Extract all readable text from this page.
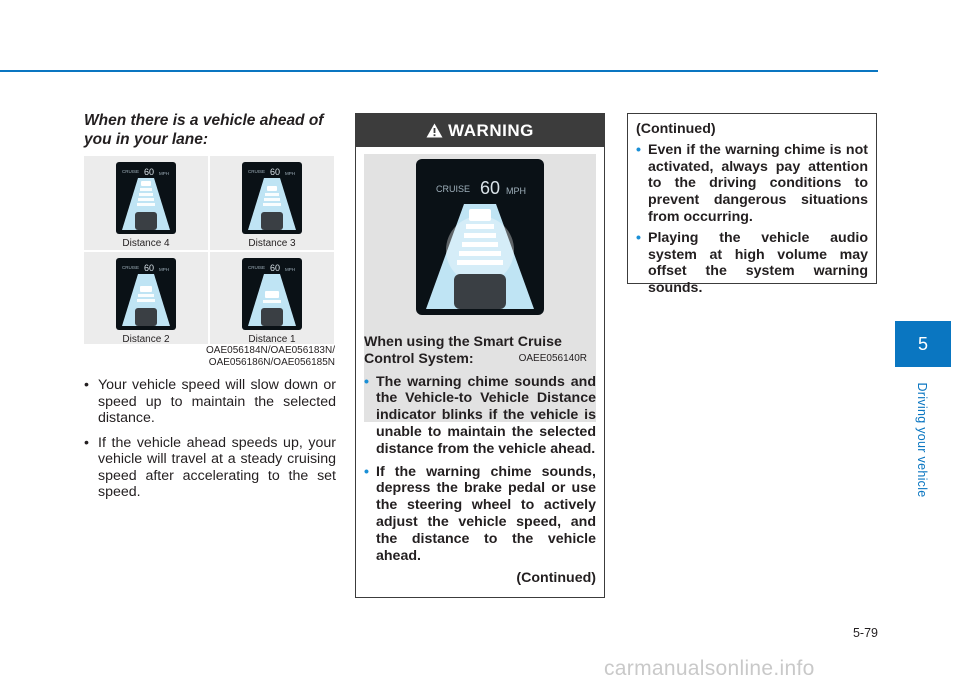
When there is a vehicle ahead of you in your lane:
CRUISE 60 MPH
Distance 4
CRUISE 60 MPH
Distance 3
CRUISE 60 MPH
Distance 2
CRUISE 60 MPH
Distance 1
OAE056184N/OAE056183N/
OAE056186N/OAE056185N
• Your vehicle speed will slow down or speed up to maintain the selected distance.
• If the vehicle ahead speeds up, your vehicle will travel at a steady cruising speed after accelerating to the set speed.
WARNING
CRUISE 60 MPH
OAEE056140R

When using the Smart Cruise Control System:

• The warning chime sounds and the Vehicle-to Vehicle Distance indicator blinks if the vehicle is unable to maintain the selected distance from the vehicle ahead.
• If the warning chime sounds, depress the brake pedal or use the steering wheel to actively adjust the vehicle speed, and the distance to the vehicle ahead.

(Continued)

(Continued)

• Even if the warning chime is not activated, always pay attention to the driving conditions to prevent dangerous situations from occurring.
• Playing the vehicle audio system at high volume may offset the system warning sounds.
5
Driving your vehicle
5-79
carmanualsonline.info
